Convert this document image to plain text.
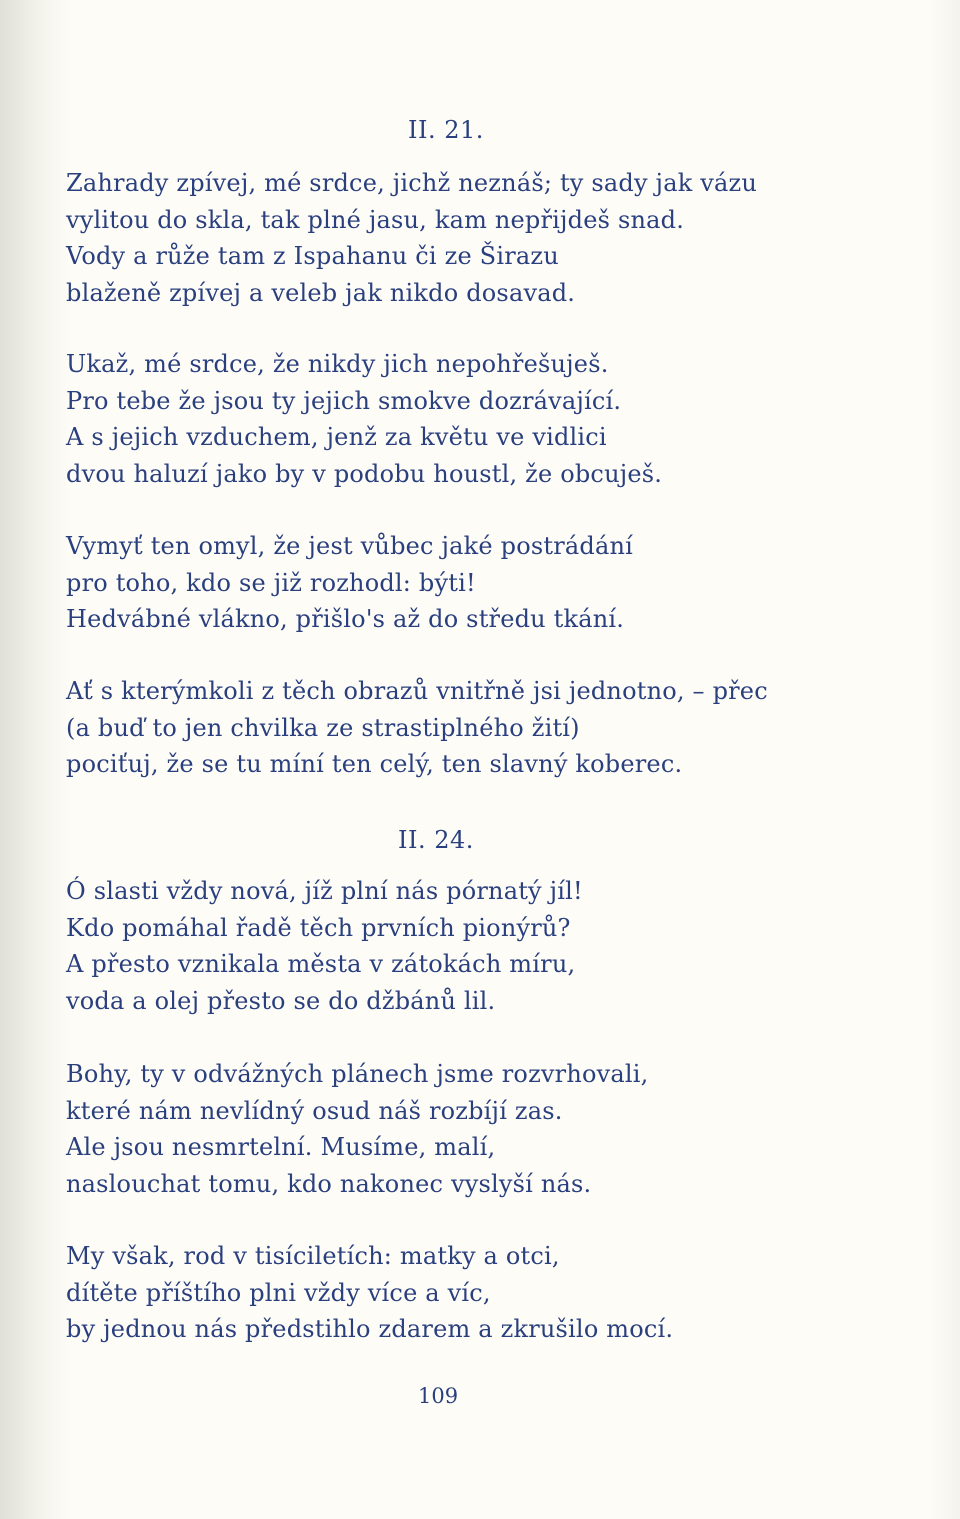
II. 21.
Zahrady zpívej, mé srdce, jichž neznáš; ty sady jak vázu
vylitou do skla, tak plné jasu, kam nepřijdeš snad.
Vody a růže tam z Ispahanu či ze Širazu
blaženě zpívej a veleb jak nikdo dosavad.
Ukaž, mé srdce, že nikdy jich nepohřešuješ.
Pro tebe že jsou ty jejich smokve dozrávající.
A s jejich vzduchem, jenž za květu ve vidlici
dvou haluzí jako by v podobu houstl, že obcuješ.
Vymyť ten omyl, že jest vůbec jaké postrádání
pro toho, kdo se již rozhodl: býti!
Hedvábné vlákno, přišlo's až do středu tkání.
Ať s kterýmkoli z těch obrazů vnitřně jsi jednotno, – přec
(a buď to jen chvilka ze strastiplného žití)
pociťuj, že se tu míní ten celý, ten slavný koberec.
II. 24.
Ó slasti vždy nová, jíž plní nás pórnatý jíl!
Kdo pomáhal řadě těch prvních pionýrů?
A přesto vznikala města v zátokách míru,
voda a olej přesto se do džbánů lil.
Bohy, ty v odvážných plánech jsme rozvrhovali,
které nám nevlídný osud náš rozbíjí zas.
Ale jsou nesmrtelní. Musíme, malí,
naslouchat tomu, kdo nakonec vyslyší nás.
My však, rod v tisíciletích: matky a otci,
dítěte příštího plni vždy více a víc,
by jednou nás předstihlo zdarem a zkrušilo mocí.
109
